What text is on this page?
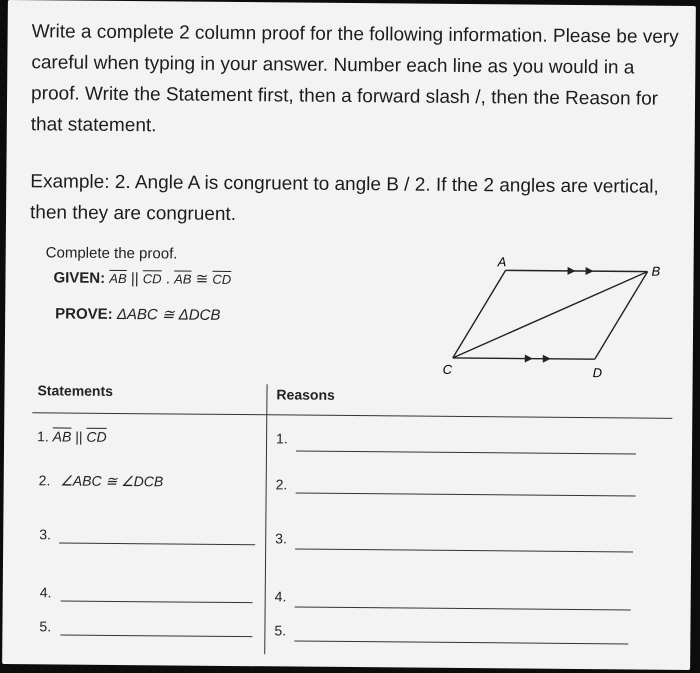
Write a complete 2 column proof for the following information. Please be very careful when typing in your answer. Number each line as you would in a proof. Write the Statement first, then a forward slash /, then the Reason for that statement.

Example: 2. Angle A is congruent to angle B / 2. If the 2 angles are vertical, then they are congruent.

Complete the proof.
GIVEN: $\overline{AB}$ || $\overline{CD}$ . $\overline{AB}$ ≅ $\overline{CD}$
PROVE: ΔABC ≅ ΔDCB
A
B
C	D
Statements	Reasons
1. $\overline{AB}$ || $\overline{CD}$	1.
2. ∠ABC ≅ ∠DCB	2.
3.	3.
4.	4.
5.	5.
